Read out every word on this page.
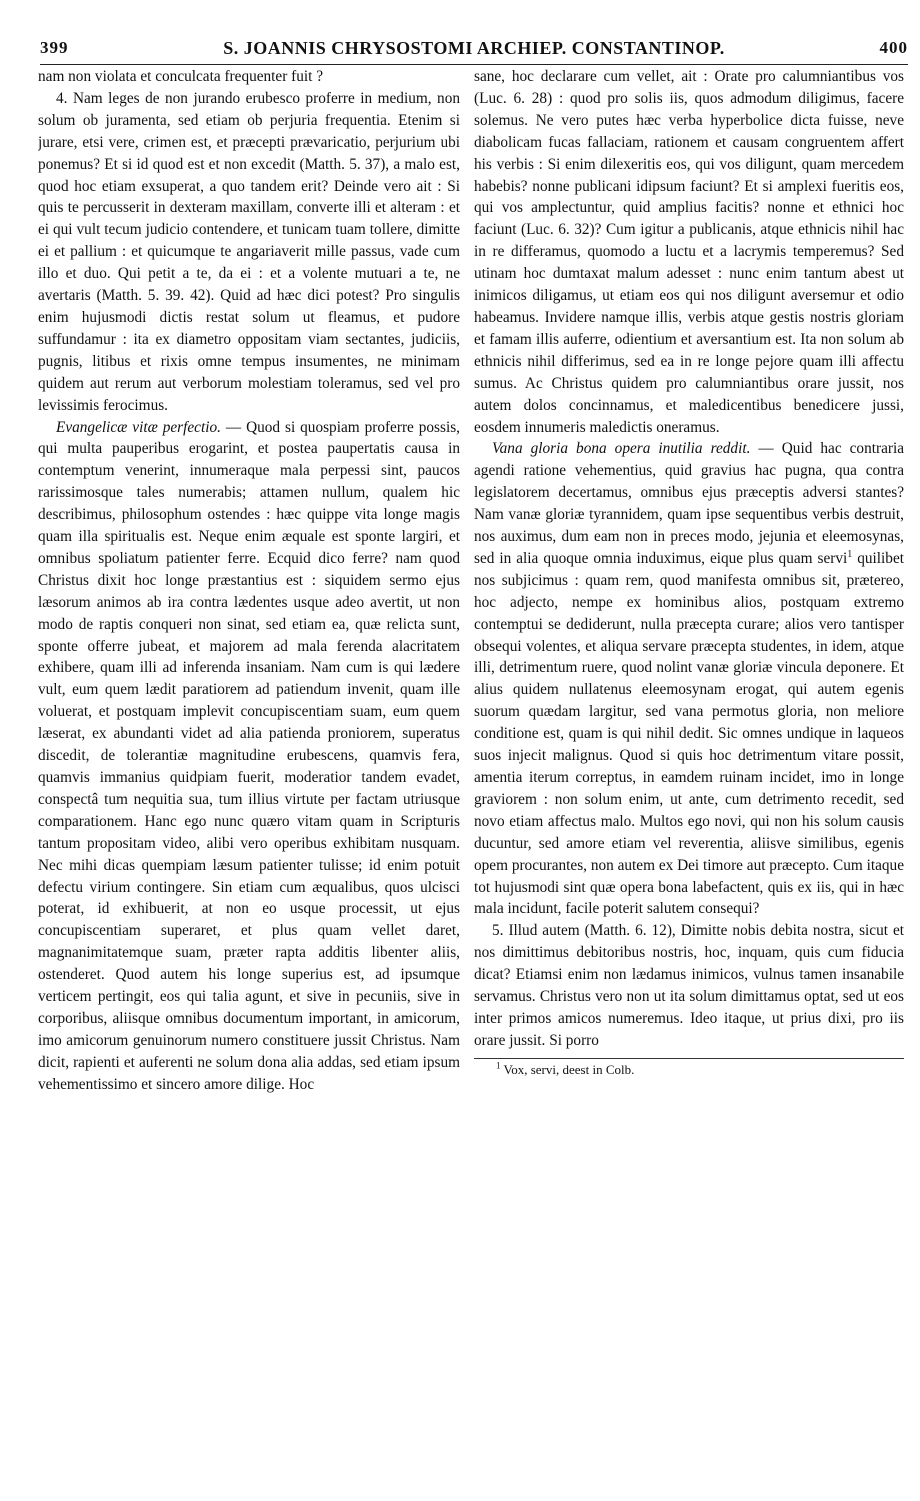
399	S. JOANNIS CHRYSOSTOMI ARCHIEP. CONSTANTINOP.	400

nam non violata et conculcata frequenter fuit ?

4. Nam leges de non jurando erubesco proferre in medium, non solum ob juramenta, sed etiam ob perjuria frequentia. Etenim si jurare, etsi vere, crimen est, et præcepti prævaricatio, perjurium ubi ponemus? Et si id quod est et non excedit (Matth. 5. 37), a malo est, quod hoc etiam exsuperat, a quo tandem erit? Deinde vero ait : Si quis te percusserit in dexteram maxillam, converte illi et alteram : et ei qui vult tecum judicio contendere, et tunicam tuam tollere, dimitte ei et pallium : et quicumque te angariaverit mille passus, vade cum illo et duo. Qui petit a te, da ei : et a volente mutuari a te, ne avertaris (Matth. 5. 39. 42). Quid ad hæc dici potest? Pro singulis enim hujusmodi dictis restat solum ut fleamus, et pudore suffundamur : ita ex diametro oppositam viam sectantes, judiciis, pugnis, litibus et rixis omne tempus insumentes, ne minimam quidem aut rerum aut verborum molestiam toleramus, sed vel pro levissimis ferocimus.

Evangelicæ vitæ perfectio. — Quod si quospiam proferre possis, qui multa pauperibus erogarint, et postea paupertatis causa in contemptum venerint, innumeraque mala perpessi sint, paucos rarissimosque tales numerabis; attamen nullum, qualem hic describimus, philosophum ostendes : hæc quippe vita longe magis quam illa spiritualis est. Neque enim æquale est sponte largiri, et omnibus spoliatum patienter ferre. Ecquid dico ferre? nam quod Christus dixit hoc longe præstantius est : siquidem sermo ejus læsorum animos ab ira contra lædentes usque adeo avertit, ut non modo de raptis conqueri non sinat, sed etiam ea, quæ relicta sunt, sponte offerre jubeat, et majorem ad mala ferenda alacritatem exhibere, quam illi ad inferenda insaniam. Nam cum is qui lædere vult, eum quem lædit paratiorem ad patiendum invenit, quam ille voluerat, et postquam implevit concupiscentiam suam, eum quem læserat, ex abundanti videt ad alia patienda proniorem, superatus discedit, de tolerantiæ magnitudine erubescens, quamvis fera, quamvis immanius quidpiam fuerit, moderatior tandem evadet, conspectâ tum nequitia sua, tum illius virtute per factam utriusque comparationem. Hanc ego nunc quæro vitam quam in Scripturis tantum propositam video, alibi vero operibus exhibitam nusquam. Nec mihi dicas quempiam læsum patienter tulisse; id enim potuit defectu virium contingere. Sin etiam cum æqualibus, quos ulcisci poterat, id exhibuerit, at non eo usque processit, ut ejus concupiscentiam superaret, et plus quam vellet daret, magnanimitatemque suam, præter rapta additis libenter aliis, ostenderet. Quod autem his longe superius est, ad ipsumque verticem pertingit, eos qui talia agunt, et sive in pecuniis, sive in corporibus, aliisque omnibus documentum important, in amicorum, imo amicorum genuinorum numero constituere jussit Christus. Nam dicit, rapienti et auferenti ne solum dona alia addas, sed etiam ipsum vehementissimo et sincero amore dilige. Hoc

sane, hoc declarare cum vellet, ait : Orate pro calumniantibus vos (Luc. 6. 28) : quod pro solis iis, quos admodum diligimus, facere solemus. Ne vero putes hæc verba hyperbolice dicta fuisse, neve diabolicam fucas fallaciam, rationem et causam congruentem affert his verbis : Si enim dilexeritis eos, qui vos diligunt, quam mercedem habebis? nonne publicani idipsum faciunt? Et si amplexi fueritis eos, qui vos amplectuntur, quid amplius facitis? nonne et ethnici hoc faciunt (Luc. 6. 32)? Cum igitur a publicanis, atque ethnicis nihil hac in re differamus, quomodo a luctu et a lacrymis temperemus? Sed utinam hoc dumtaxat malum adesset : nunc enim tantum abest ut inimicos diligamus, ut etiam eos qui nos diligunt aversemur et odio habeamus. Invidere namque illis, verbis atque gestis nostris gloriam et famam illis auferre, odientium et aversantium est. Ita non solum ab ethnicis nihil differimus, sed ea in re longe pejore quam illi affectu sumus. Ac Christus quidem pro calumniantibus orare jussit, nos autem dolos concinnamus, et maledicentibus benedicere jussi, eosdem innumeris maledictis oneramus.

Vana gloria bona opera inutilia reddit. — Quid hac contraria agendi ratione vehementius, quid gravius hac pugna, qua contra legislatorem decertamus, omnibus ejus præceptis adversi stantes? Nam vanæ gloriæ tyrannidem, quam ipse sequentibus verbis destruit, nos auximus, dum eam non in preces modo, jejunia et eleemosynas, sed in alia quoque omnia induximus, eique plus quam servi$^1$ quilibet nos subjicimus : quam rem, quod manifesta omnibus sit, prætereo, hoc adjecto, nempe ex hominibus alios, postquam extremo contemptui se dediderunt, nulla præcepta curare; alios vero tantisper obsequi volentes, et aliqua servare præcepta studentes, in idem, atque illi, detrimentum ruere, quod nolint vanæ gloriæ vincula deponere. Et alius quidem nullatenus eleemosynam erogat, qui autem egenis suorum quædam largitur, sed vana permotus gloria, non meliore conditione est, quam is qui nihil dedit. Sic omnes undique in laqueos suos injecit malignus. Quod si quis hoc detrimentum vitare possit, amentia iterum correptus, in eamdem ruinam incidet, imo in longe graviorem : non solum enim, ut ante, cum detrimento recedit, sed novo etiam affectus malo. Multos ego novi, qui non his solum causis ducuntur, sed amore etiam vel reverentia, aliisve similibus, egenis opem procurantes, non autem ex Dei timore aut præcepto. Cum itaque tot hujusmodi sint quæ opera bona labefactent, quis ex iis, qui in hæc mala incidunt, facile poterit salutem consequi?

5. Illud autem (Matth. 6. 12), Dimitte nobis debita nostra, sicut et nos dimittimus debitoribus nostris, hoc, inquam, quis cum fiducia dicat? Etiamsi enim non lædamus inimicos, vulnus tamen insanabile servamus. Christus vero non ut ita solum dimittamus optat, sed ut eos inter primos amicos numeremus. Ideo itaque, ut prius dixi, pro iis orare jussit. Si porro

$^1$ Vox, servi, deest in Colb.
